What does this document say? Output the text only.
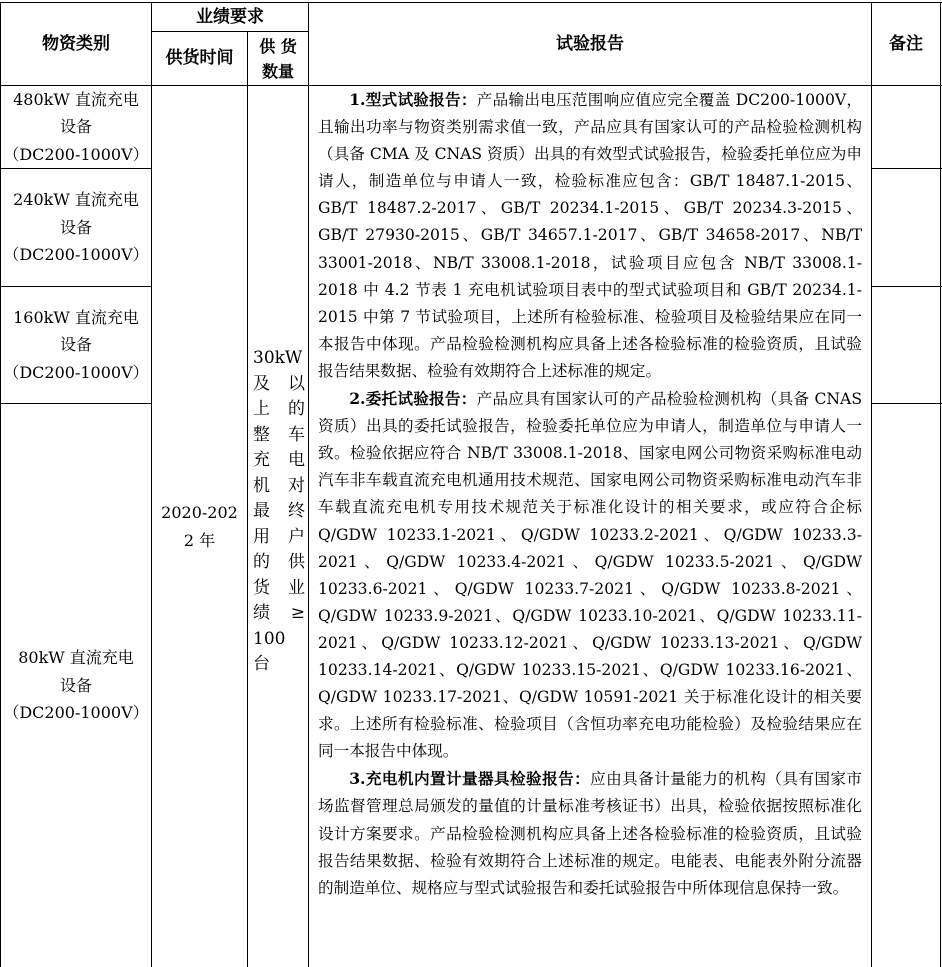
物资类别
业绩要求
供货时间
供 货
数量
试验报告	备注
480kW 直流充电
设备
（DC200-1000V）
240kW 直流充电
设备
（DC200-1000V）
160kW 直流充电
设备
（DC200-1000V）
80kW 直流充电
设备
（DC200-1000V）
2020-202
2 年
30kW
及 以
上 的
整 车
充 电
机 对
最 终
用 户
的 供
货 业
绩 ≥
100
台

1.型式试验报告：产品输出电压范围响应值应完全覆盖 DC200-1000V，且输出功率与物资类别需求值一致，产品应具有国家认可的产品检验检测机构（具备 CMA 及 CNAS 资质）出具的有效型式试验报告，检验委托单位应为申请人，制造单位与申请人一致，检验标准应包含：GB/T 18487.1-2015、GB/T 18487.2-2017、GB/T 20234.1-2015、GB/T 20234.3-2015、GB/T 27930-2015、GB/T 34657.1-2017、GB/T 34658-2017、NB/T 33001-2018、NB/T 33008.1-2018，试验项目应包含 NB/T 33008.1-2018 中 4.2 节表 1 充电机试验项目表中的型式试验项目和 GB/T 20234.1-2015 中第 7 节试验项目，上述所有检验标准、检验项目及检验结果应在同一本报告中体现。产品检验检测机构应具备上述各检验标准的检验资质，且试验报告结果数据、检验有效期符合上述标准的规定。

2.委托试验报告：产品应具有国家认可的产品检验检测机构（具备 CNAS 资质）出具的委托试验报告，检验委托单位应为申请人，制造单位与申请人一致。检验依据应符合 NB/T 33008.1-2018、国家电网公司物资采购标准电动汽车非车载直流充电机通用技术规范、国家电网公司物资采购标准电动汽车非车载直流充电机专用技术规范关于标准化设计的相关要求，或应符合企标 Q/GDW 10233.1-2021、Q/GDW 10233.2-2021、Q/GDW 10233.3-2021、Q/GDW 10233.4-2021、Q/GDW 10233.5-2021、Q/GDW 10233.6-2021、Q/GDW 10233.7-2021、Q/GDW 10233.8-2021、Q/GDW 10233.9-2021、Q/GDW 10233.10-2021、Q/GDW 10233.11-2021、Q/GDW 10233.12-2021、Q/GDW 10233.13-2021、Q/GDW 10233.14-2021、Q/GDW 10233.15-2021、Q/GDW 10233.16-2021、Q/GDW 10233.17-2021、Q/GDW 10591-2021 关于标准化设计的相关要求。上述所有检验标准、检验项目（含恒功率充电功能检验）及检验结果应在同一本报告中体现。

3.充电机内置计量器具检验报告：应由具备计量能力的机构（具有国家市场监督管理总局颁发的量值的计量标准考核证书）出具，检验依据按照标准化设计方案要求。产品检验检测机构应具备上述各检验标准的检验资质，且试验报告结果数据、检验有效期符合上述标准的规定。电能表、电能表外附分流器的制造单位、规格应与型式试验报告和委托试验报告中所体现信息保持一致。
